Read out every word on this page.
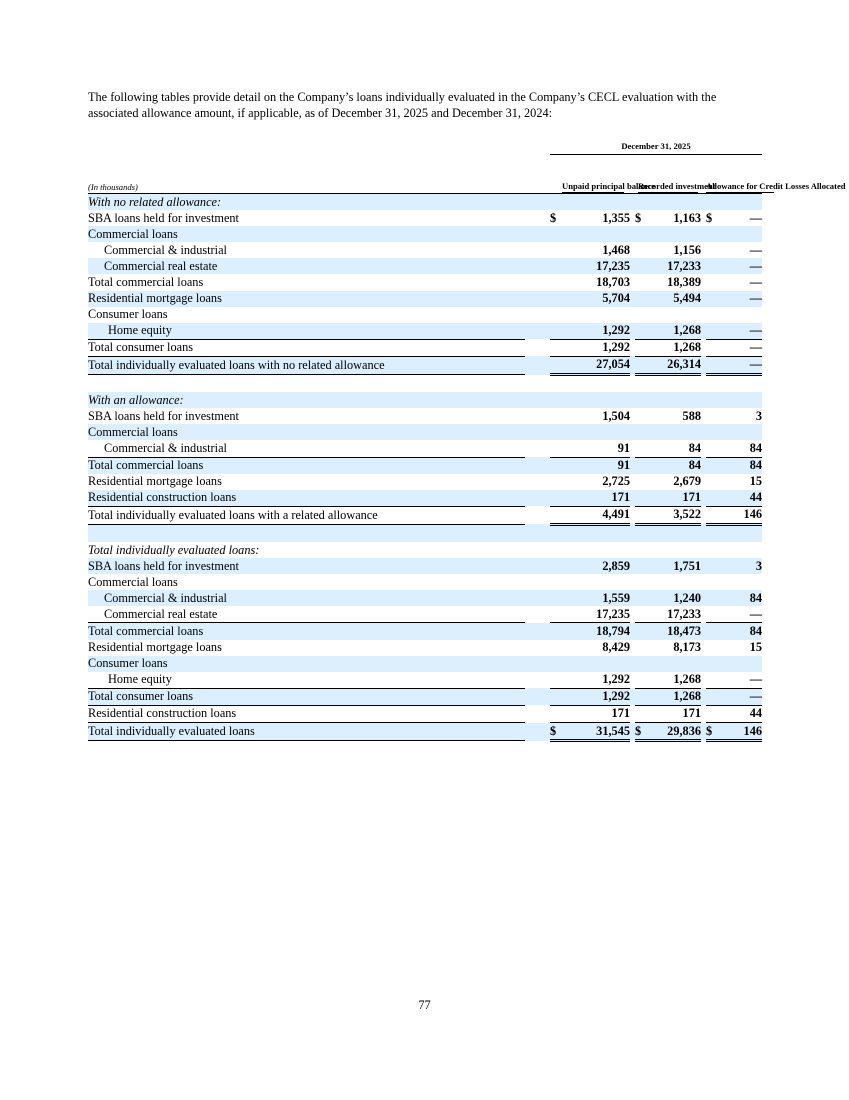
The following tables provide detail on the Company’s loans individually evaluated in the Company’s CECL evaluation with the associated allowance amount, if applicable, as of December 31, 2025 and December 31, 2024:

		December 31, 2025				
(In thousands)		Unpaid principal balance		Recorded investment		Allowance for Credit Losses Allocated
With no related allowance:						
SBA loans held for investment		$ 1,355		$ 1,163		$ —
Commercial loans						
Commercial & industrial		1,468		1,156		—
Commercial real estate		17,235		17,233		—
Total commercial loans		18,703		18,389		—
Residential mortgage loans		5,704		5,494		—
Consumer loans						
Home equity		1,292		1,268		—
Total consumer loans		1,292		1,268		—
Total individually evaluated loans with no related allowance		27,054		26,314		—

With an allowance:						
SBA loans held for investment		1,504		588		3
Commercial loans						
Commercial & industrial		91		84		84
Total commercial loans		91		84		84
Residential mortgage loans		2,725		2,679		15
Residential construction loans		171		171		44
Total individually evaluated loans with a related allowance		4,491		3,522		146

Total individually evaluated loans:						
SBA loans held for investment		2,859		1,751		3
Commercial loans						
Commercial & industrial		1,559		1,240		84
Commercial real estate		17,235		17,233		—
Total commercial loans		18,794		18,473		84
Residential mortgage loans		8,429		8,173		15
Consumer loans						
Home equity		1,292		1,268		—
Total consumer loans		1,292		1,268		—
Residential construction loans		171		171		44
Total individually evaluated loans		$ 31,545		$ 29,836		$ 146
77
